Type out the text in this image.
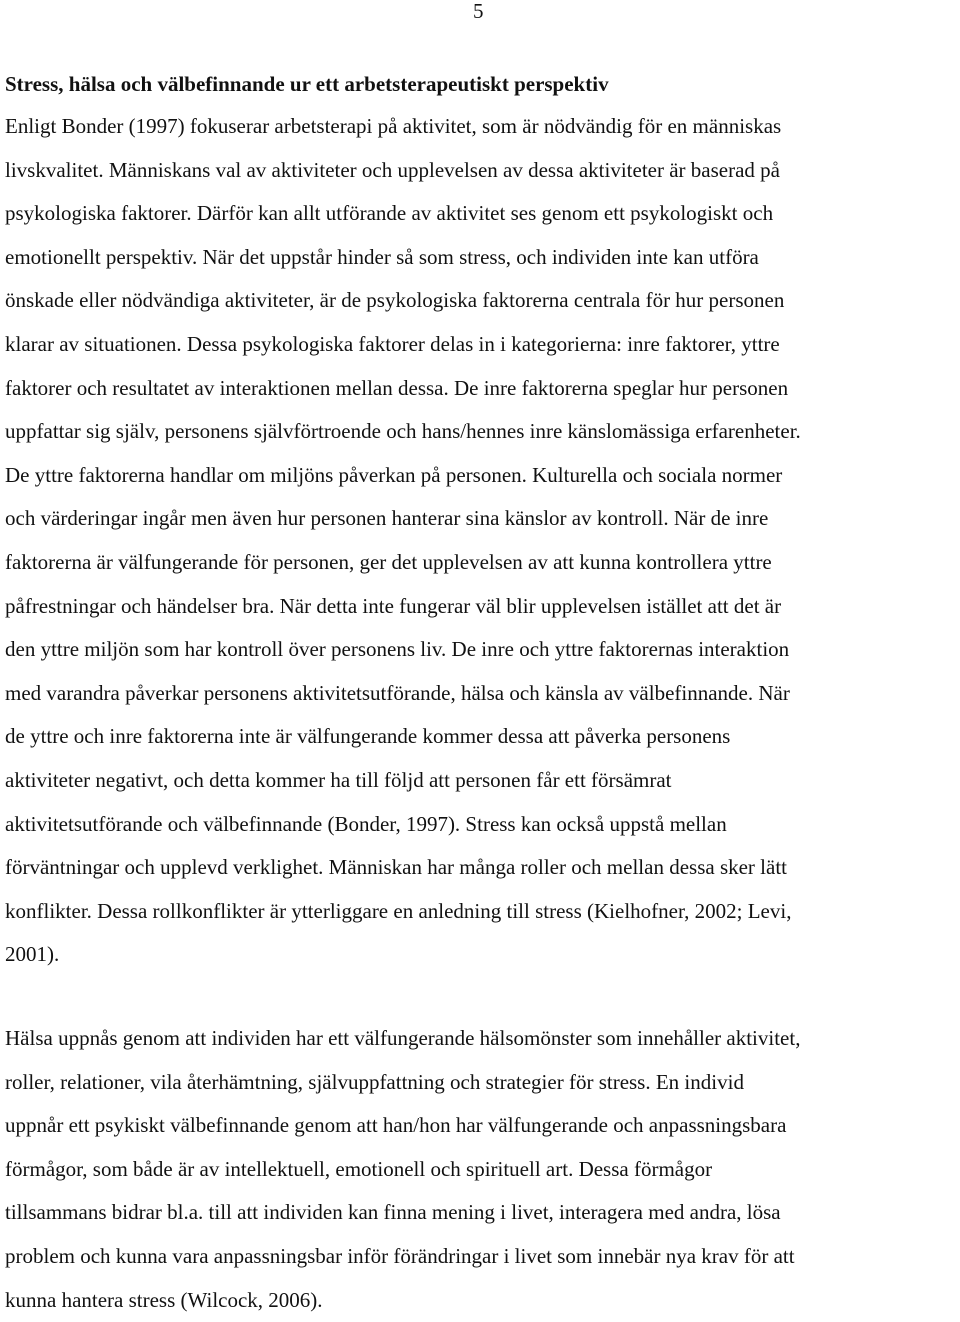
5
Stress, hälsa och välbefinnande ur ett arbetsterapeutiskt perspektiv
Enligt Bonder (1997) fokuserar arbetsterapi på aktivitet, som är nödvändig för en människas
livskvalitet. Människans val av aktiviteter och upplevelsen av dessa aktiviteter är baserad på
psykologiska faktorer. Därför kan allt utförande av aktivitet ses genom ett psykologiskt och
emotionellt perspektiv. När det uppstår hinder så som stress, och individen inte kan utföra
önskade eller nödvändiga aktiviteter, är de psykologiska faktorerna centrala för hur personen
klarar av situationen. Dessa psykologiska faktorer delas in i kategorierna: inre faktorer, yttre
faktorer och resultatet av interaktionen mellan dessa. De inre faktorerna speglar hur personen
uppfattar sig själv, personens självförtroende och hans/hennes inre känslomässiga erfarenheter.
De yttre faktorerna handlar om miljöns påverkan på personen. Kulturella och sociala normer
och värderingar ingår men även hur personen hanterar sina känslor av kontroll. När de inre
faktorerna är välfungerande för personen, ger det upplevelsen av att kunna kontrollera yttre
påfrestningar och händelser bra. När detta inte fungerar väl blir upplevelsen istället att det är
den yttre miljön som har kontroll över personens liv. De inre och yttre faktorernas interaktion
med varandra påverkar personens aktivitetsutförande, hälsa och känsla av välbefinnande. När
de yttre och inre faktorerna inte är välfungerande kommer dessa att påverka personens
aktiviteter negativt, och detta kommer ha till följd att personen får ett försämrat
aktivitetsutförande och välbefinnande (Bonder, 1997). Stress kan också uppstå mellan
förväntningar och upplevd verklighet. Människan har många roller och mellan dessa sker lätt
konflikter. Dessa rollkonflikter är ytterliggare en anledning till stress (Kielhofner, 2002; Levi,
2001).
Hälsa uppnås genom att individen har ett välfungerande hälsomönster som innehåller aktivitet,
roller, relationer, vila återhämtning, självuppfattning och strategier för stress. En individ
uppnår ett psykiskt välbefinnande genom att han/hon har välfungerande och anpassningsbara
förmågor, som både är av intellektuell, emotionell och spirituell art. Dessa förmågor
tillsammans bidrar bl.a. till att individen kan finna mening i livet, interagera med andra, lösa
problem och kunna vara anpassningsbar inför förändringar i livet som innebär nya krav för att
kunna hantera stress (Wilcock, 2006).
